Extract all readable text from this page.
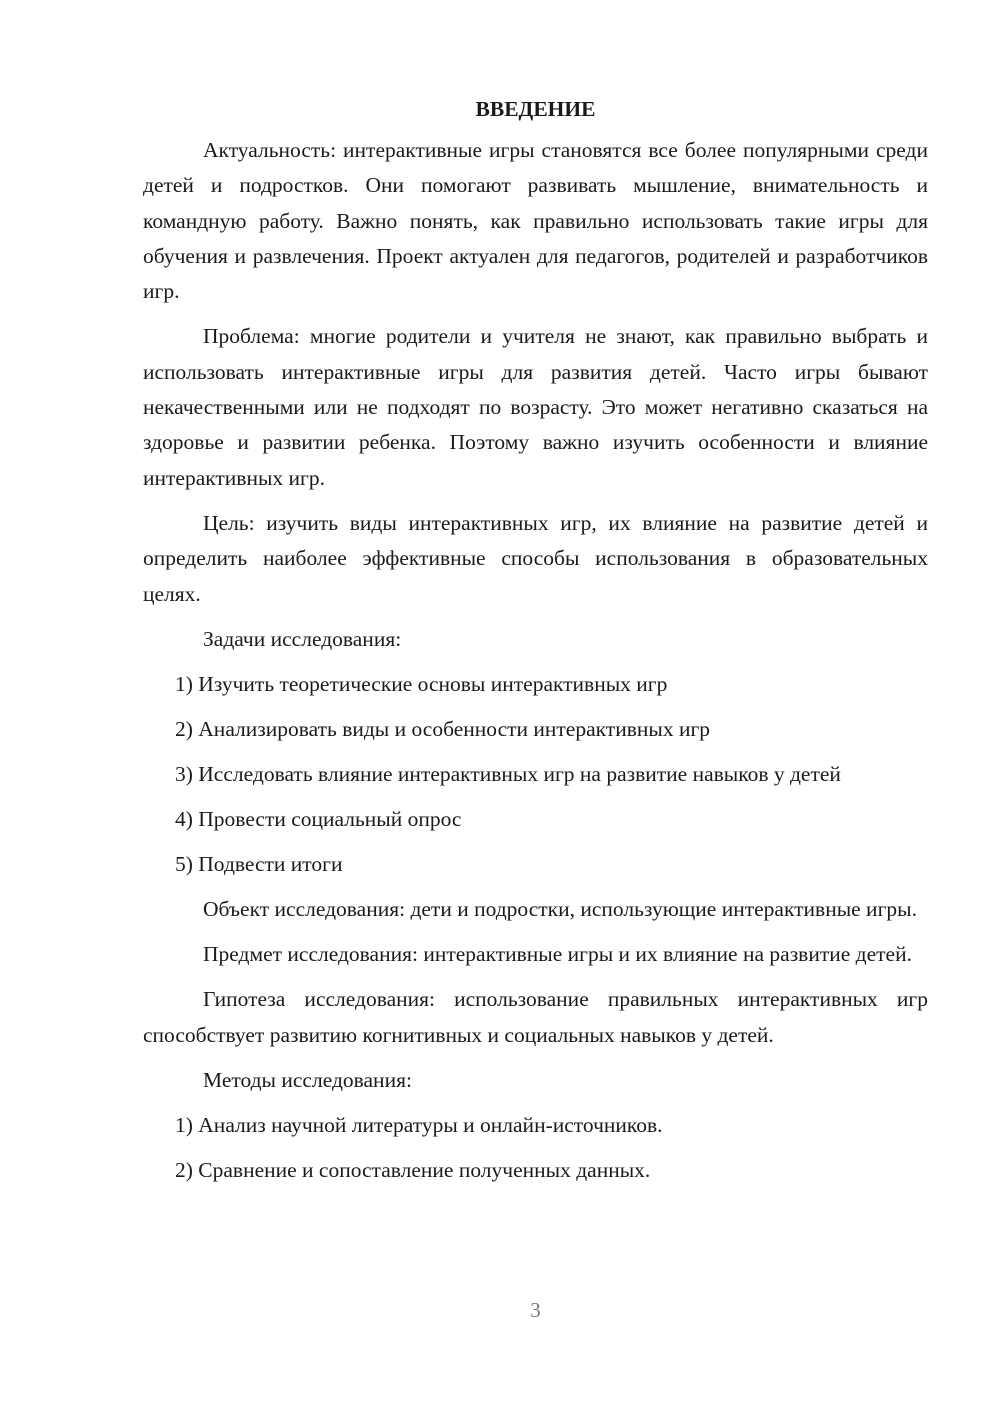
ВВЕДЕНИЕ
Актуальность: интерактивные игры становятся все более популярными среди детей и подростков. Они помогают развивать мышление, внимательность и командную работу. Важно понять, как правильно использовать такие игры для обучения и развлечения. Проект актуален для педагогов, родителей и разработчиков игр.
Проблема: многие родители и учителя не знают, как правильно выбрать и использовать интерактивные игры для развития детей. Часто игры бывают некачественными или не подходят по возрасту. Это может негативно сказаться на здоровье и развитии ребенка. Поэтому важно изучить особенности и влияние интерактивных игр.
Цель: изучить виды интерактивных игр, их влияние на развитие детей и определить наиболее эффективные способы использования в образовательных целях.
Задачи исследования:
1) Изучить теоретические основы интерактивных игр
2) Анализировать виды и особенности интерактивных игр
3) Исследовать влияние интерактивных игр на развитие навыков у детей
4) Провести социальный опрос
5) Подвести итоги
Объект исследования: дети и подростки, использующие интерактивные игры.
Предмет исследования: интерактивные игры и их влияние на развитие детей.
Гипотеза исследования: использование правильных интерактивных игр способствует развитию когнитивных и социальных навыков у детей.
Методы исследования:
1) Анализ научной литературы и онлайн-источников.
2) Сравнение и сопоставление полученных данных.
3
